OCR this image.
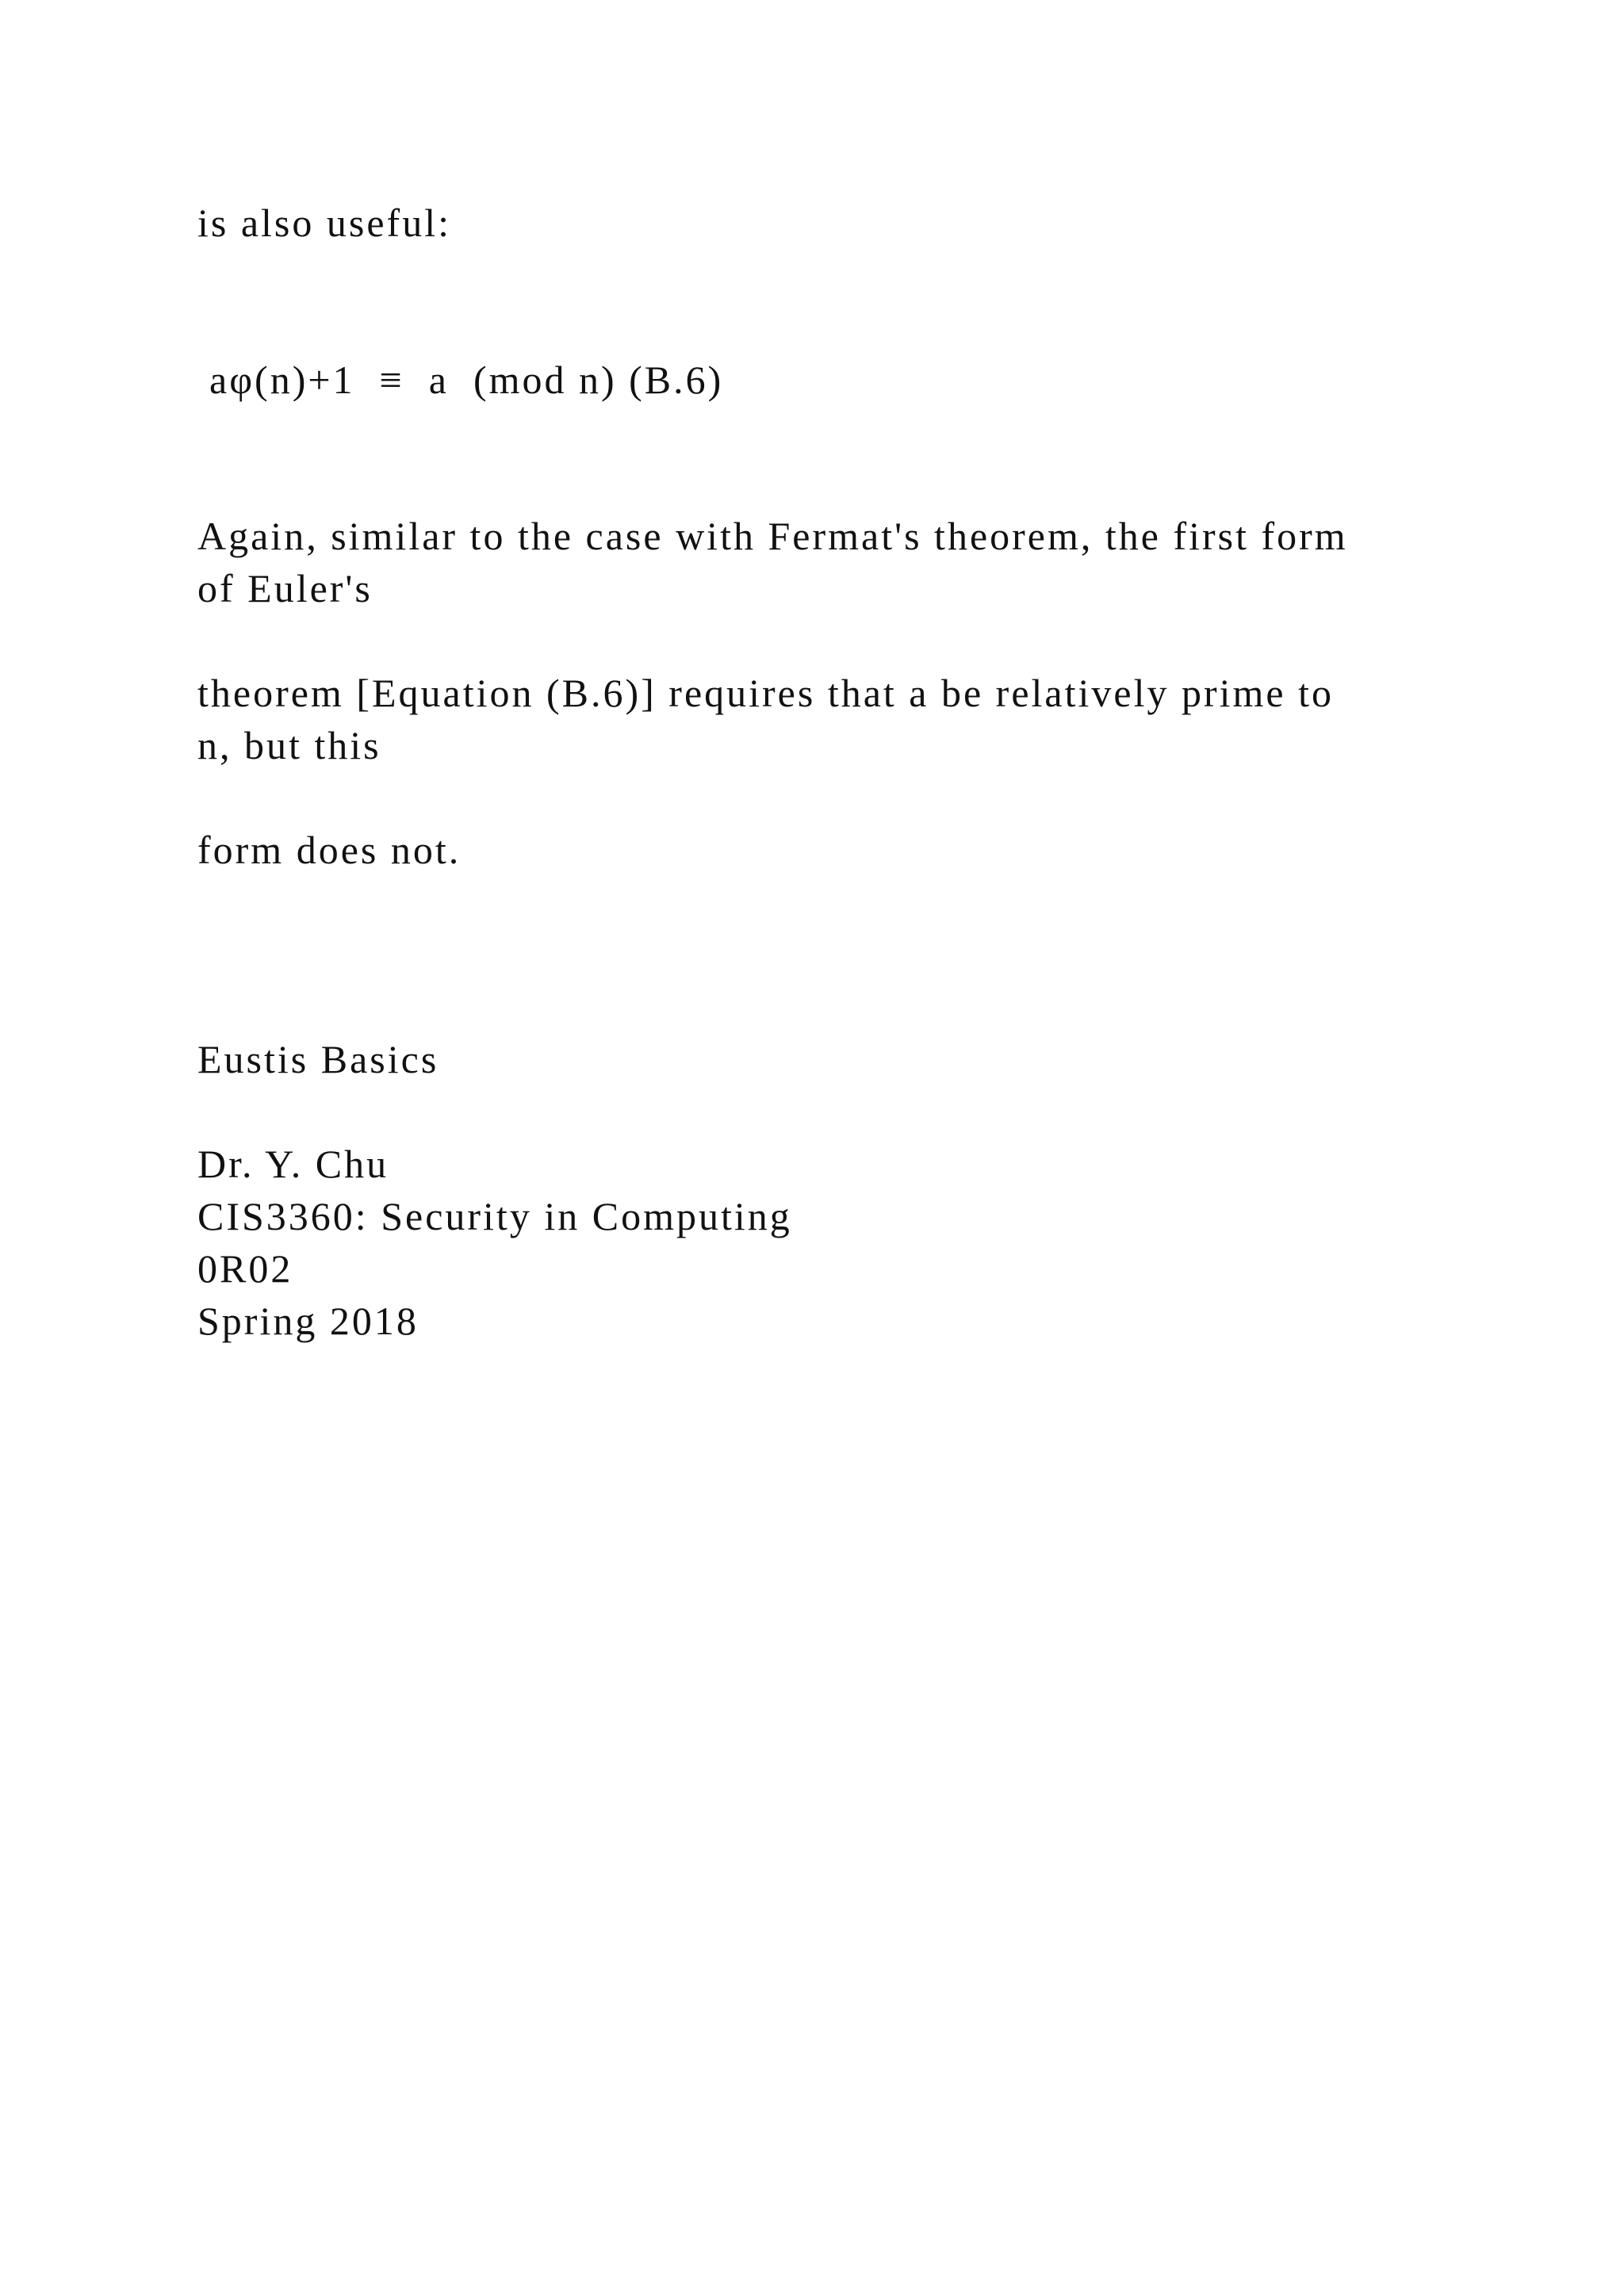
is also useful:

aφ(n)+1  ≡  a  (mod n) (B.6)

Again, similar to the case with Fermat's theorem, the first form

of Euler's

theorem [Equation (B.6)] requires that a be relatively prime to

n, but this

form does not.

Eustis Basics

Dr. Y. Chu

CIS3360: Security in Computing

0R02

Spring 2018
